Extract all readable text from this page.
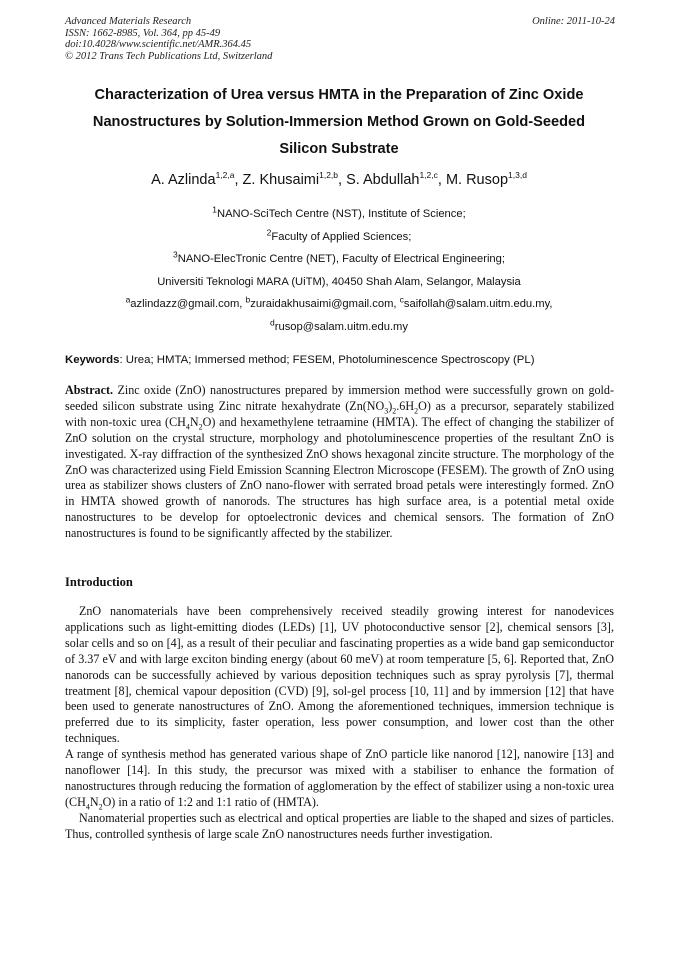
Advanced Materials Research
ISSN: 1662-8985, Vol. 364, pp 45-49
doi:10.4028/www.scientific.net/AMR.364.45
© 2012 Trans Tech Publications Ltd, Switzerland
Online: 2011-10-24
Characterization of Urea versus HMTA in the Preparation of Zinc Oxide
Nanostructures by Solution-Immersion Method Grown on Gold-Seeded
Silicon Substrate
A. Azlinda$^{1,2,a}$, Z. Khusaimi$^{1,2,b}$, S. Abdullah$^{1,2,c}$, M. Rusop$^{1,3,d}$
$^1$NANO-SciTech Centre (NST), Institute of Science;
$^2$Faculty of Applied Sciences;
$^3$NANO-ElecTronic Centre (NET), Faculty of Electrical Engineering;
Universiti Teknologi MARA (UiTM), 40450 Shah Alam, Selangor, Malaysia
$^a$azlindazz@gmail.com, $^b$zuraidakhusaimi@gmail.com, $^c$saifollah@salam.uitm.edu.my,
$^d$rusop@salam.uitm.edu.my
Keywords: Urea; HMTA; Immersed method; FESEM, Photoluminescence Spectroscopy (PL)
Abstract. Zinc oxide (ZnO) nanostructures prepared by immersion method were successfully grown on gold-seeded silicon substrate using Zinc nitrate hexahydrate $(Zn(NO_3)_2.6H_2O)$ as a precursor, separately stabilized with non-toxic urea $(CH_4N_2O)$ and hexamethylene tetraamine (HMTA). The effect of changing the stabilizer of ZnO solution on the crystal structure, morphology and photoluminescence properties of the resultant ZnO is investigated. X-ray diffraction of the synthesized ZnO shows hexagonal zincite structure. The morphology of the ZnO was characterized using Field Emission Scanning Electron Microscope (FESEM). The growth of ZnO using urea as stabilizer shows clusters of ZnO nano-flower with serrated broad petals were interestingly formed. ZnO in HMTA showed growth of nanorods. The structures has high surface area, is a potential metal oxide nanostructures to be develop for optoelectronic devices and chemical sensors. The formation of ZnO nanostructures is found to be significantly affected by the stabilizer.
Introduction

ZnO nanomaterials have been comprehensively received steadily growing interest for nanodevices applications such as light-emitting diodes (LEDs) [1], UV photoconductive sensor [2], chemical sensors [3], solar cells and so on [4], as a result of their peculiar and fascinating properties as a wide band gap semiconductor of 3.37 eV and with large exciton binding energy (about 60 meV) at room temperature [5, 6]. Reported that, ZnO nanorods can be successfully achieved by various deposition techniques such as spray pyrolysis [7], thermal treatment [8], chemical vapour deposition (CVD) [9], sol-gel process [10, 11] and by immersion [12] that have been used to generate nanostructures of ZnO. Among the aforementioned techniques, immersion technique is preferred due to its simplicity, faster operation, less power consumption, and lower cost than the other techniques.

A range of synthesis method has generated various shape of ZnO particle like nanorod [12], nanowire [13] and nanoflower [14]. In this study, the precursor was mixed with a stabiliser to enhance the formation of nanostructures through reducing the formation of agglomeration by the effect of stabilizer using a non-toxic urea $(CH_4N_2O)$ in a ratio of 1:2 and 1:1 ratio of (HMTA).

Nanomaterial properties such as electrical and optical properties are liable to the shaped and sizes of particles. Thus, controlled synthesis of large scale ZnO nanostructures needs further investigation.
